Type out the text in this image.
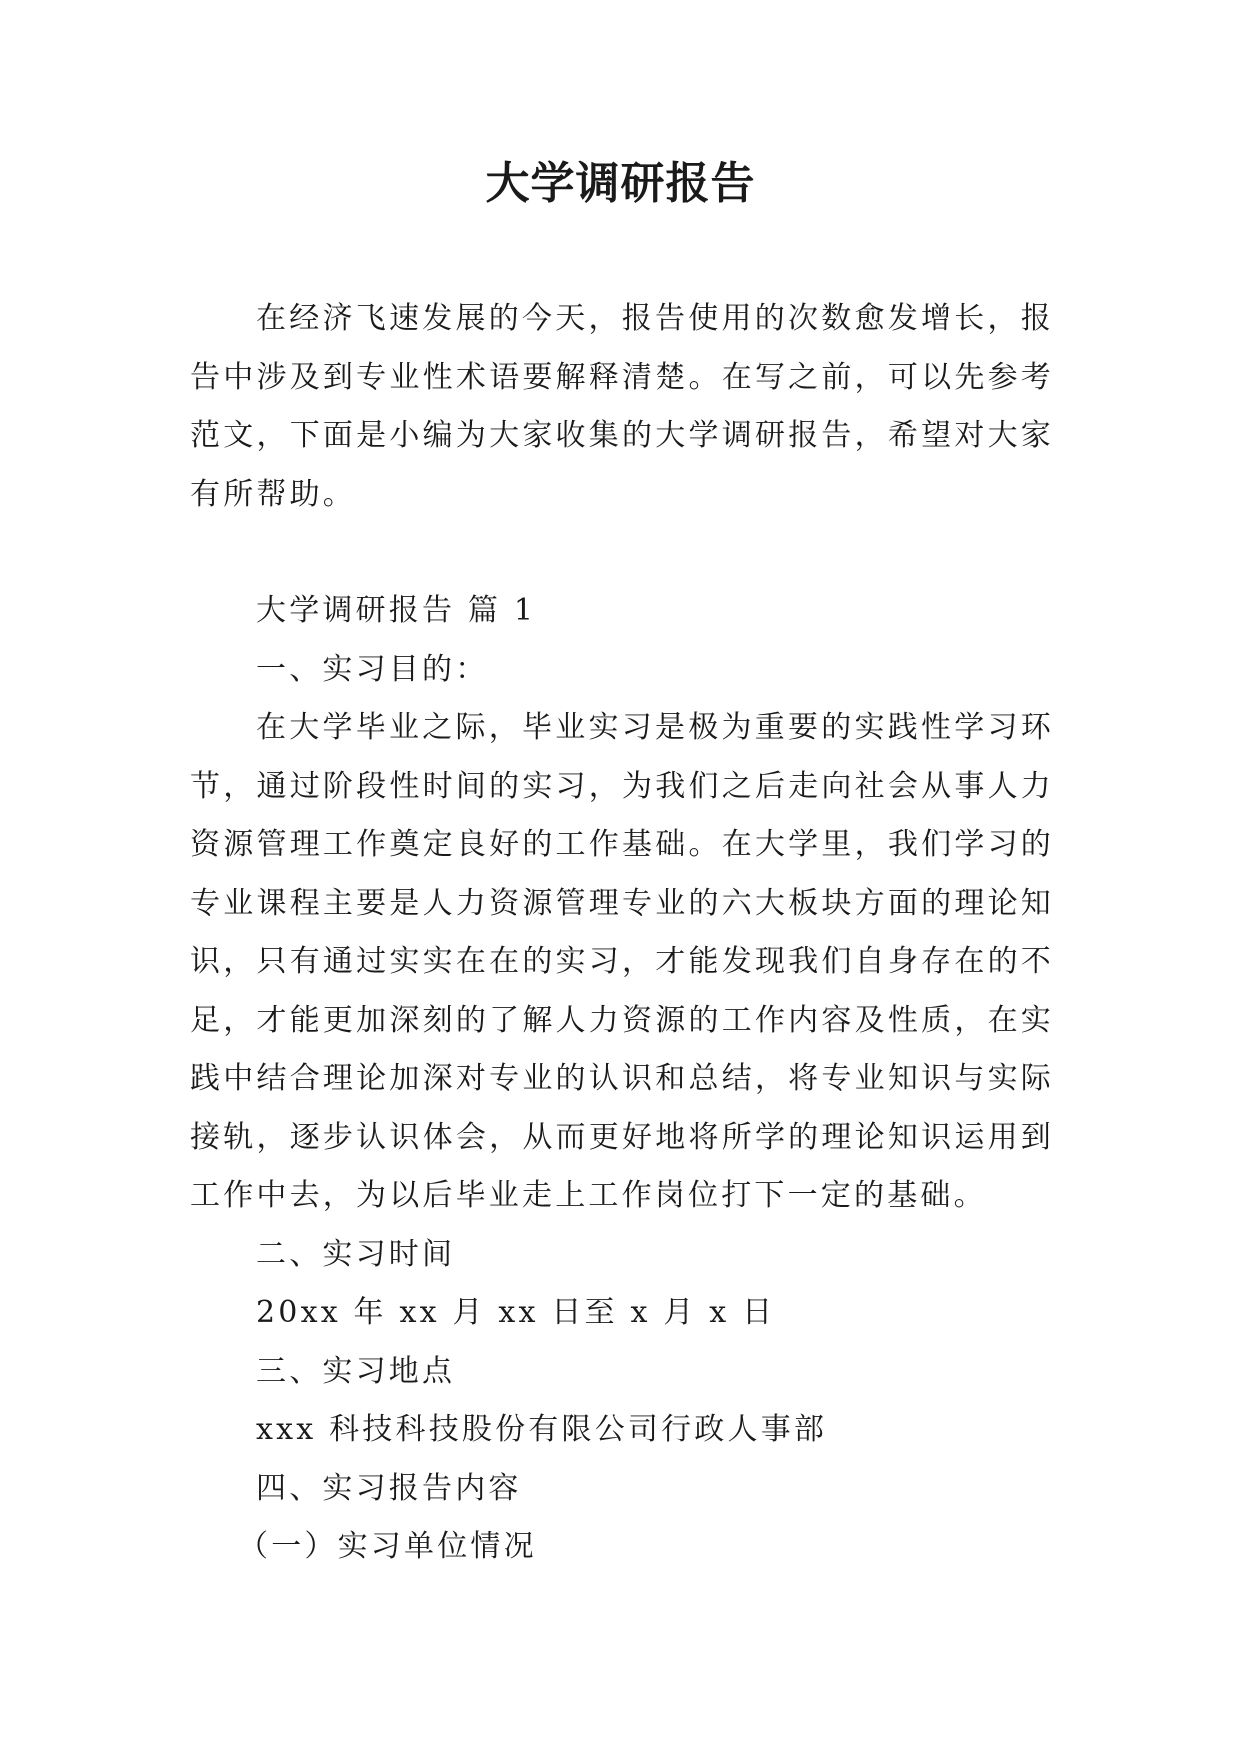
大学调研报告

在经济飞速发展的今天，报告使用的次数愈发增长，报告中涉及到专业性术语要解释清楚。在写之前，可以先参考范文，下面是小编为大家收集的大学调研报告，希望对大家有所帮助。

大学调研报告 篇 1

一、实习目的：

在大学毕业之际，毕业实习是极为重要的实践性学习环节，通过阶段性时间的实习，为我们之后走向社会从事人力资源管理工作奠定良好的工作基础。在大学里，我们学习的专业课程主要是人力资源管理专业的六大板块方面的理论知识，只有通过实实在在的实习，才能发现我们自身存在的不足，才能更加深刻的了解人力资源的工作内容及性质，在实践中结合理论加深对专业的认识和总结，将专业知识与实际接轨，逐步认识体会，从而更好地将所学的理论知识运用到工作中去，为以后毕业走上工作岗位打下一定的基础。

二、实习时间

20xx 年 xx 月 xx 日至 x 月 x 日

三、实习地点

xxx 科技科技股份有限公司行政人事部

四、实习报告内容

（一）实习单位情况
